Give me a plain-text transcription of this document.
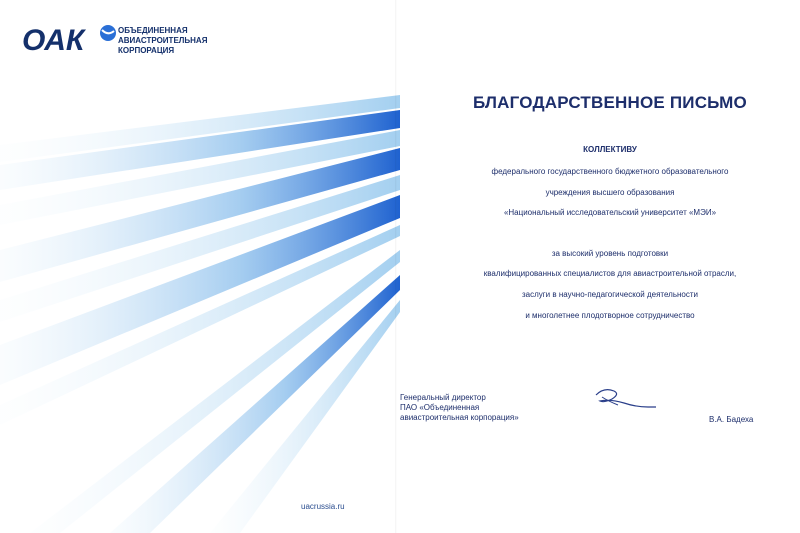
ОАК	ОБЪЕДИНЕННАЯ
АВИАСТРОИТЕЛЬНАЯ
КОРПОРАЦИЯ
uacrussia.ru
БЛАГОДАРСТВЕННОЕ ПИСЬМО
КОЛЛЕКТИВУ
федерального государственного бюджетного образовательного
учреждения высшего образования
«Национальный исследовательский университет «МЭИ»
за высокий уровень подготовки
квалифицированных специалистов для авиастроительной отрасли,
заслуги в научно-педагогической деятельности
и многолетнее плодотворное сотрудничество
Генеральный директор
ПАО «Объединенная
авиастроительная корпорация»	В.А. Бадеха
